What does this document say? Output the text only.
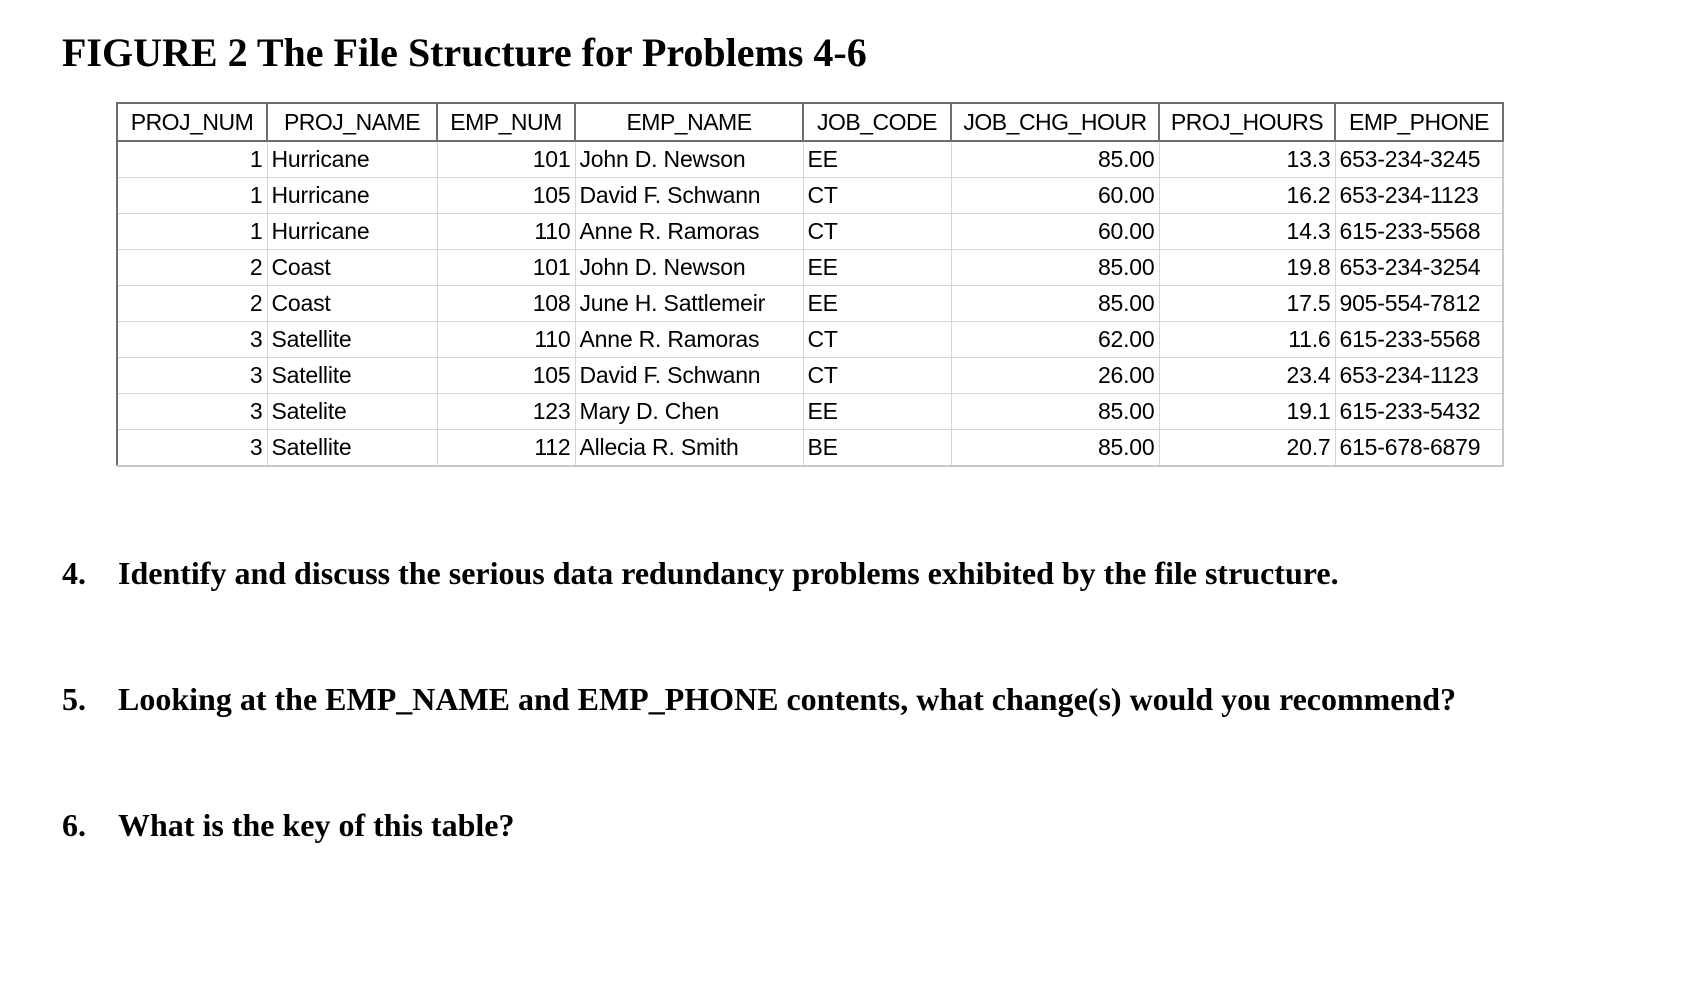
FIGURE 2 The File Structure for Problems 4-6
PROJ_NUM	PROJ_NAME	EMP_NUM	EMP_NAME	JOB_CODE	JOB_CHG_HOUR	PROJ_HOURS	EMP_PHONE
1	Hurricane	101	John D. Newson	EE	85.00	13.3	653-234-3245
1	Hurricane	105	David F. Schwann	CT	60.00	16.2	653-234-1123
1	Hurricane	110	Anne R. Ramoras	CT	60.00	14.3	615-233-5568
2	Coast	101	John D. Newson	EE	85.00	19.8	653-234-3254
2	Coast	108	June H. Sattlemeir	EE	85.00	17.5	905-554-7812
3	Satellite	110	Anne R. Ramoras	CT	62.00	11.6	615-233-5568
3	Satellite	105	David F. Schwann	CT	26.00	23.4	653-234-1123
3	Satelite	123	Mary D. Chen	EE	85.00	19.1	615-233-5432
3	Satellite	112	Allecia R. Smith	BE	85.00	20.7	615-678-6879
4. Identify and discuss the serious data redundancy problems exhibited by the file structure.
5. Looking at the EMP_NAME and EMP_PHONE contents, what change(s) would you recommend?
6. What is the key of this table?
